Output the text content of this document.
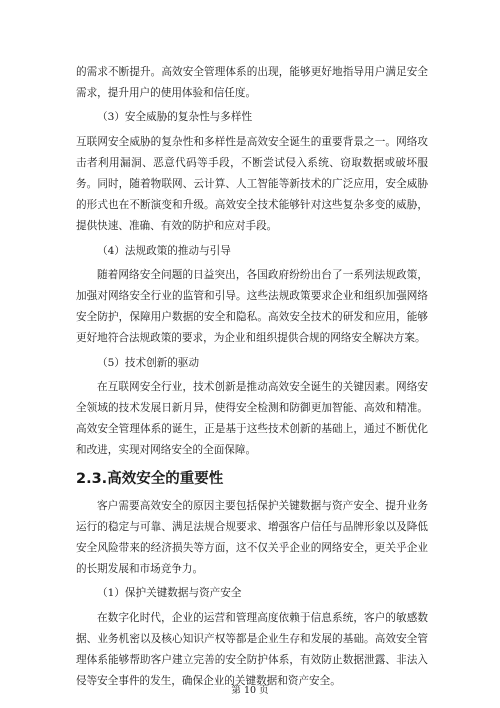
的需求不断提升。高效安全管理体系的出现，能够更好地指导用户满足安全需求，提升用户的使用体验和信任度。

（3）安全威胁的复杂性与多样性

互联网安全威胁的复杂性和多样性是高效安全诞生的重要背景之一。网络攻击者利用漏洞、恶意代码等手段，不断尝试侵入系统、窃取数据或破坏服务。同时，随着物联网、云计算、人工智能等新技术的广泛应用，安全威胁的形式也在不断演变和升级。高效安全技术能够针对这些复杂多变的威胁，提供快速、准确、有效的防护和应对手段。

（4）法规政策的推动与引导

随着网络安全问题的日益突出，各国政府纷纷出台了一系列法规政策，加强对网络安全行业的监管和引导。这些法规政策要求企业和组织加强网络安全防护，保障用户数据的安全和隐私。高效安全技术的研发和应用，能够更好地符合法规政策的要求，为企业和组织提供合规的网络安全解决方案。

（5）技术创新的驱动

在互联网安全行业，技术创新是推动高效安全诞生的关键因素。网络安全领域的技术发展日新月异，使得安全检测和防御更加智能、高效和精准。高效安全管理体系的诞生，正是基于这些技术创新的基础上，通过不断优化和改进，实现对网络安全的全面保障。

2.3.高效安全的重要性

客户需要高效安全的原因主要包括保护关键数据与资产安全、提升业务运行的稳定与可靠、满足法规合规要求、增强客户信任与品牌形象以及降低安全风险带来的经济损失等方面，这不仅关乎企业的网络安全，更关乎企业的长期发展和市场竞争力。

（1）保护关键数据与资产安全

在数字化时代，企业的运营和管理高度依赖于信息系统，客户的敏感数据、业务机密以及核心知识产权等都是企业生存和发展的基础。高效安全管理体系能够帮助客户建立完善的安全防护体系，有效防止数据泄露、非法入侵等安全事件的发生，确保企业的关键数据和资产安全。

第 10 页
